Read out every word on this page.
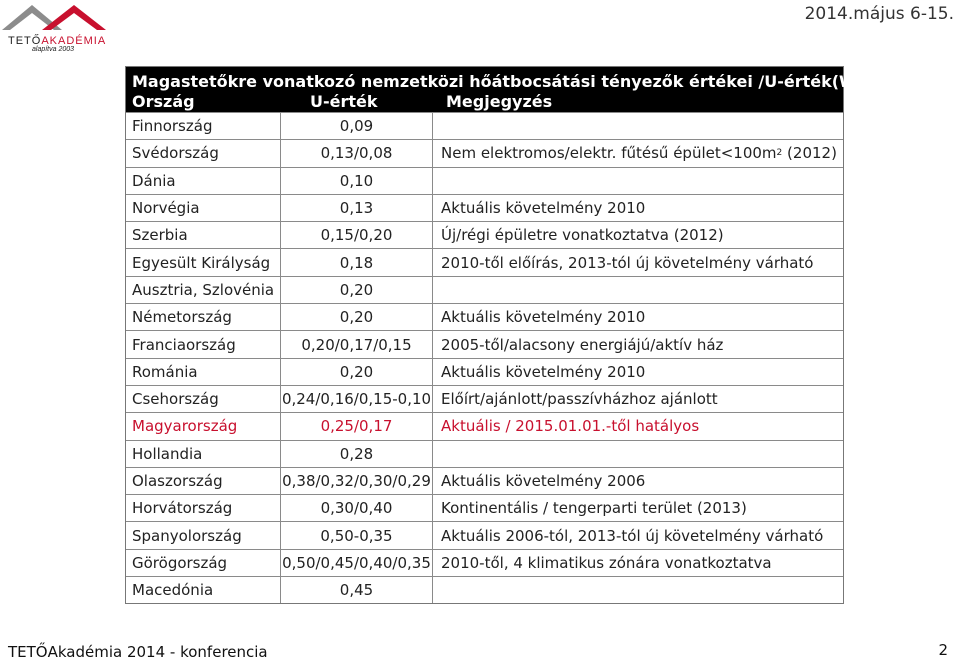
TETŐAKADÉMIA
alapítva 2003
2014.május 6-15.
Magastetőkre vonatkozó nemzetközi hőátbocsátási tényezők értékei $/U-érték(W/m^2K)/$
Ország	U-érték	Megjegyzés
Finnország	0,09
Svédország	0,13/0,08	Nem elektromos/elektr. fűtésű épület<100m 2 (2012)
Dánia	0,10
Norvégia	0,13	Aktuális követelmény 2010
Szerbia	0,15/0,20	Új/régi épületre vonatkoztatva (2012)
Egyesült Királyság	0,18	2010-től előírás, 2013-tól új követelmény várható
Ausztria, Szlovénia	0,20
Németország	0,20	Aktuális követelmény 2010
Franciaország	0,20/0,17/0,15	2005-től/alacsony energiájú/aktív ház
Románia	0,20	Aktuális követelmény 2010
Csehország	0,24/0,16/0,15-0,10 Előírt/ajánlott/passzívházhoz ajánlott
Magyarország	0,25/0,17	Aktuális / 2015.01.01.-től hatályos
Hollandia	0,28
Olaszország	0,38/0,32/0,30/0,29 Aktuális követelmény 2006
Horvátország	0,30/0,40	Kontinentális / tengerparti terület (2013)
Spanyolország	0,50-0,35	Aktuális 2006-tól, 2013-tól új követelmény várható
Görögország	0,50/0,45/0,40/0,35 2010-től, 4 klimatikus zónára vonatkoztatva
Macedónia	0,45
TETŐAkadémia 2014 - konferencia	2
